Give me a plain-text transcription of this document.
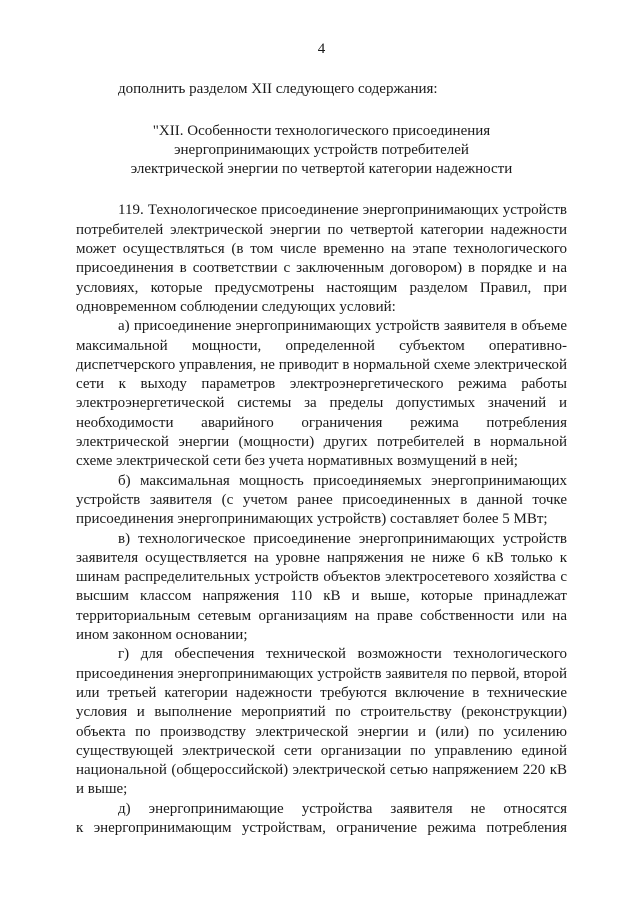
4

дополнить разделом XII следующего содержания:

"XII. Особенности технологического присоединения

энергопринимающих устройств потребителей

электрической энергии по четвертой категории надежности

119. Технологическое присоединение энергопринимающих устройств потребителей электрической энергии по четвертой категории надежности может осуществляться (в том числе временно на этапе технологического присоединения в соответствии с заключенным договором) в порядке и на условиях, которые предусмотрены настоящим разделом Правил, при одновременном соблюдении следующих условий:

а) присоединение энергопринимающих устройств заявителя в объеме максимальной мощности, определенной субъектом оперативно-диспетчерского управления, не приводит в нормальной схеме электрической сети к выходу параметров электроэнергетического режима работы электроэнергетической системы за пределы допустимых значений и необходимости аварийного ограничения режима потребления электрической энергии (мощности) других потребителей в нормальной схеме электрической сети без учета нормативных возмущений в ней;

б) максимальная мощность присоединяемых энергопринимающих устройств заявителя (с учетом ранее присоединенных в данной точке присоединения энергопринимающих устройств) составляет более 5 МВт;

в) технологическое присоединение энергопринимающих устройств заявителя осуществляется на уровне напряжения не ниже 6 кВ только к шинам распределительных устройств объектов электросетевого хозяйства с высшим классом напряжения 110 кВ и выше, которые принадлежат территориальным сетевым организациям на праве собственности или на ином законном основании;

г) для обеспечения технической возможности технологического присоединения энергопринимающих устройств заявителя по первой, второй или третьей категории надежности требуются включение в технические условия и выполнение мероприятий по строительству (реконструкции) объекта по производству электрической энергии и (или) по усилению существующей электрической сети организации по управлению единой национальной (общероссийской) электрической сетью напряжением 220 кВ и выше;

д) энергопринимающие устройства заявителя не относятся
к энергопринимающим устройствам, ограничение режима потребления
